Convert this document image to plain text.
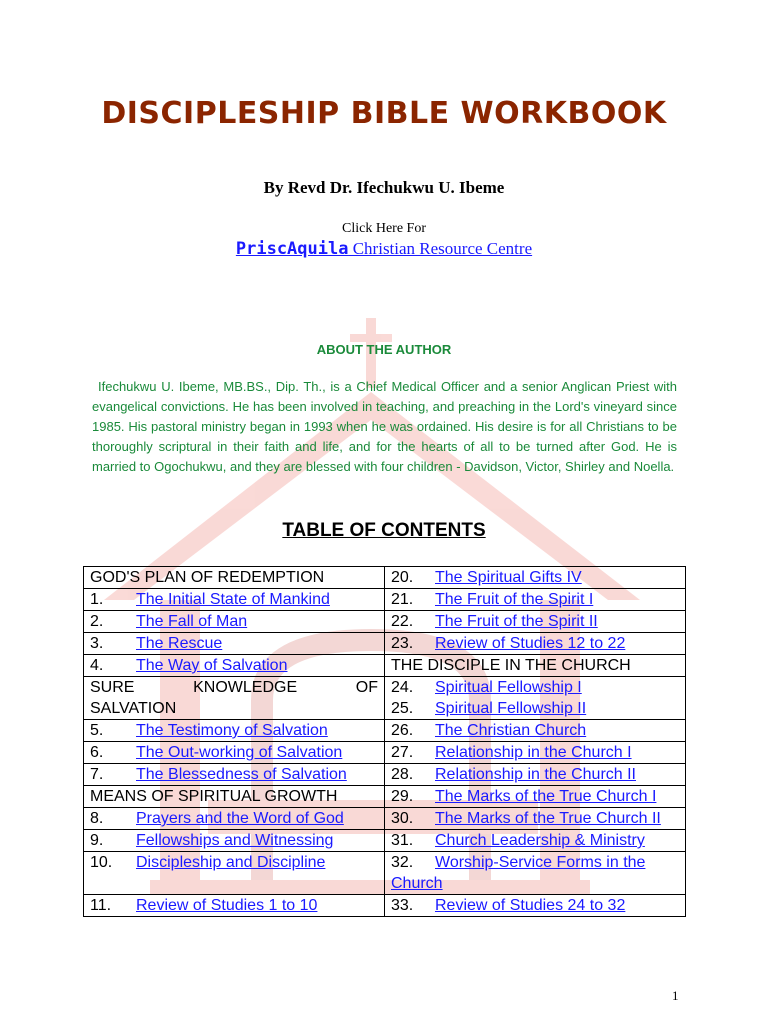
DISCIPLESHIP BIBLE WORKBOOK
By Revd Dr. Ifechukwu U. Ibeme
Click Here For
PriscAquila Christian Resource Centre
ABOUT THE AUTHOR
Ifechukwu U. Ibeme, MB.BS., Dip. Th., is a Chief Medical Officer and a senior Anglican Priest with evangelical convictions. He has been involved in teaching, and preaching in the Lord's vineyard since 1985. His pastoral ministry began in 1993 when he was ordained. His desire is for all Christians to be thoroughly scriptural in their faith and life, and for the hearts of all to be turned after God. He is married to Ogochukwu, and they are blessed with four children - Davidson, Victor, Shirley and Noella.
TABLE OF CONTENTS
GOD'S PLAN OF REDEMPTION	20. The Spiritual Gifts IV
1. The Initial State of Mankind	21. The Fruit of the Spirit I
2. The Fall of Man	22. The Fruit of the Spirit II
3. The Rescue	23. Review of Studies 12 to 22
4. The Way of Salvation	THE DISCIPLE IN THE CHURCH

SURE KNOWLEDGE OF	24. Spiritual Fellowship I
SALVATION	25. Spiritual Fellowship II
5. The Testimony of Salvation	26. The Christian Church
6. The Out-working of Salvation	27. Relationship in the Church I
7. The Blessedness of Salvation	28. Relationship in the Church II
MEANS OF SPIRITUAL GROWTH	29. The Marks of the True Church I
8. Prayers and the Word of God	30. The Marks of the True Church II
9. Fellowships and Witnessing	31. Church Leadership & Ministry
10. Discipleship and Discipline	32. Worship-Service Forms in the
	Church
11. Review of Studies 1 to 10	33. Review of Studies 24 to 32
1
